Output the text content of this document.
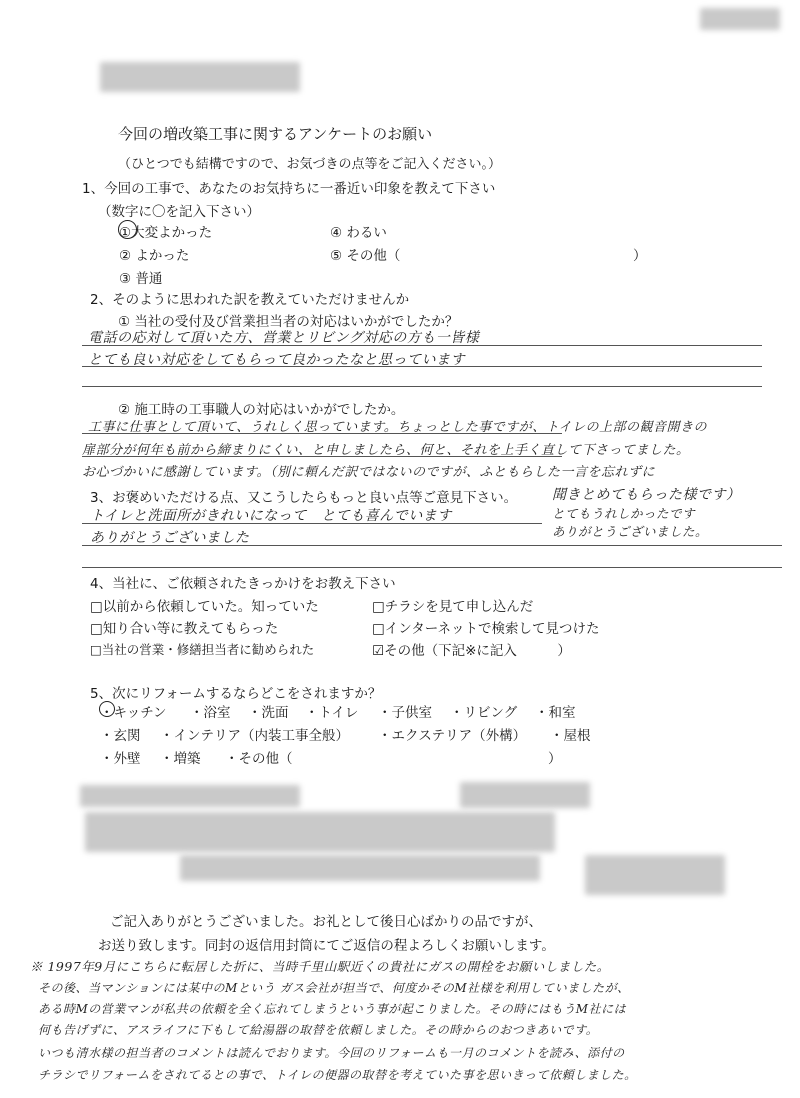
今回の増改築工事に関するアンケートのお願い
（ひとつでも結構ですので、お気づきの点等をご記入ください。）
1、今回の工事で、あなたのお気持ちに一番近い印象を教えて下さい
（数字に〇を記入下さい）
①大変よかった
② よかった
③ 普通
④ わるい
⑤ その他（	）
2、そのように思われた訳を教えていただけませんか
① 当社の受付及び営業担当者の対応はいかがでしたか？
電話の応対して頂いた方、営業とリビング対応の方も一皆様
とても良い対応をしてもらって良かったなと思っています
② 施工時の工事職人の対応はいかがでしたか。
工事に仕事として頂いて、うれしく思っています。ちょっとした事ですが、トイレの上部の観音開きの
扉部分が何年も前から締まりにくい、と申しましたら、何と、それを上手く直して下さってました。
お心づかいに感謝しています。（別に頼んだ訳ではないのですが、ふともらした一言を忘れずに
聞きとめてもらった様です）
とてもうれしかったです
ありがとうございました。
3、お褒めいただける点、又こうしたらもっと良い点等ご意見下さい。
トイレと洗面所がきれいになって　とても喜んでいます
ありがとうございました
4、当社に、ご依頼されたきっかけをお教え下さい
□以前から依頼していた。知っていた	□チラシを見て申し込んだ
□知り合い等に教えてもらった	□インターネットで検索して見つけた
□当社の営業・修繕担当者に勧められた	☑その他（下記※に記入　　　）
5、次にリフォームするならどこをされますか？
・キッチン ・浴室 ・洗面 ・トイレ ・子供室 ・リビング ・和室
・玄関 ・インテリア（内装工事全般） ・エクステリア（外構） ・屋根
・外壁 ・増築 ・その他（	）
ご記入ありがとうございました。お礼として後日心ばかりの品ですが、
お送り致します。同封の返信用封筒にてご返信の程よろしくお願いします。
※ 1997年9月にこちらに転居した折に、当時千里山駅近くの貴社にガスの開栓をお願いしました。
その後、当マンションには某中のMという ガス会社が担当で、何度かそのM社様を利用していましたが、
ある時Mの営業マンが私共の依頼を全く忘れてしまうという事が起こりました。その時にはもうM社には
何も告げずに、アスライフに下もして給湯器の取替を依頼しました。その時からのおつきあいです。
いつも清水様の担当者のコメントは読んでおります。今回のリフォームも一月のコメントを読み、添付の
チラシでリフォームをされてるとの事で、トイレの便器の取替を考えていた事を思いきって依頼しました。
